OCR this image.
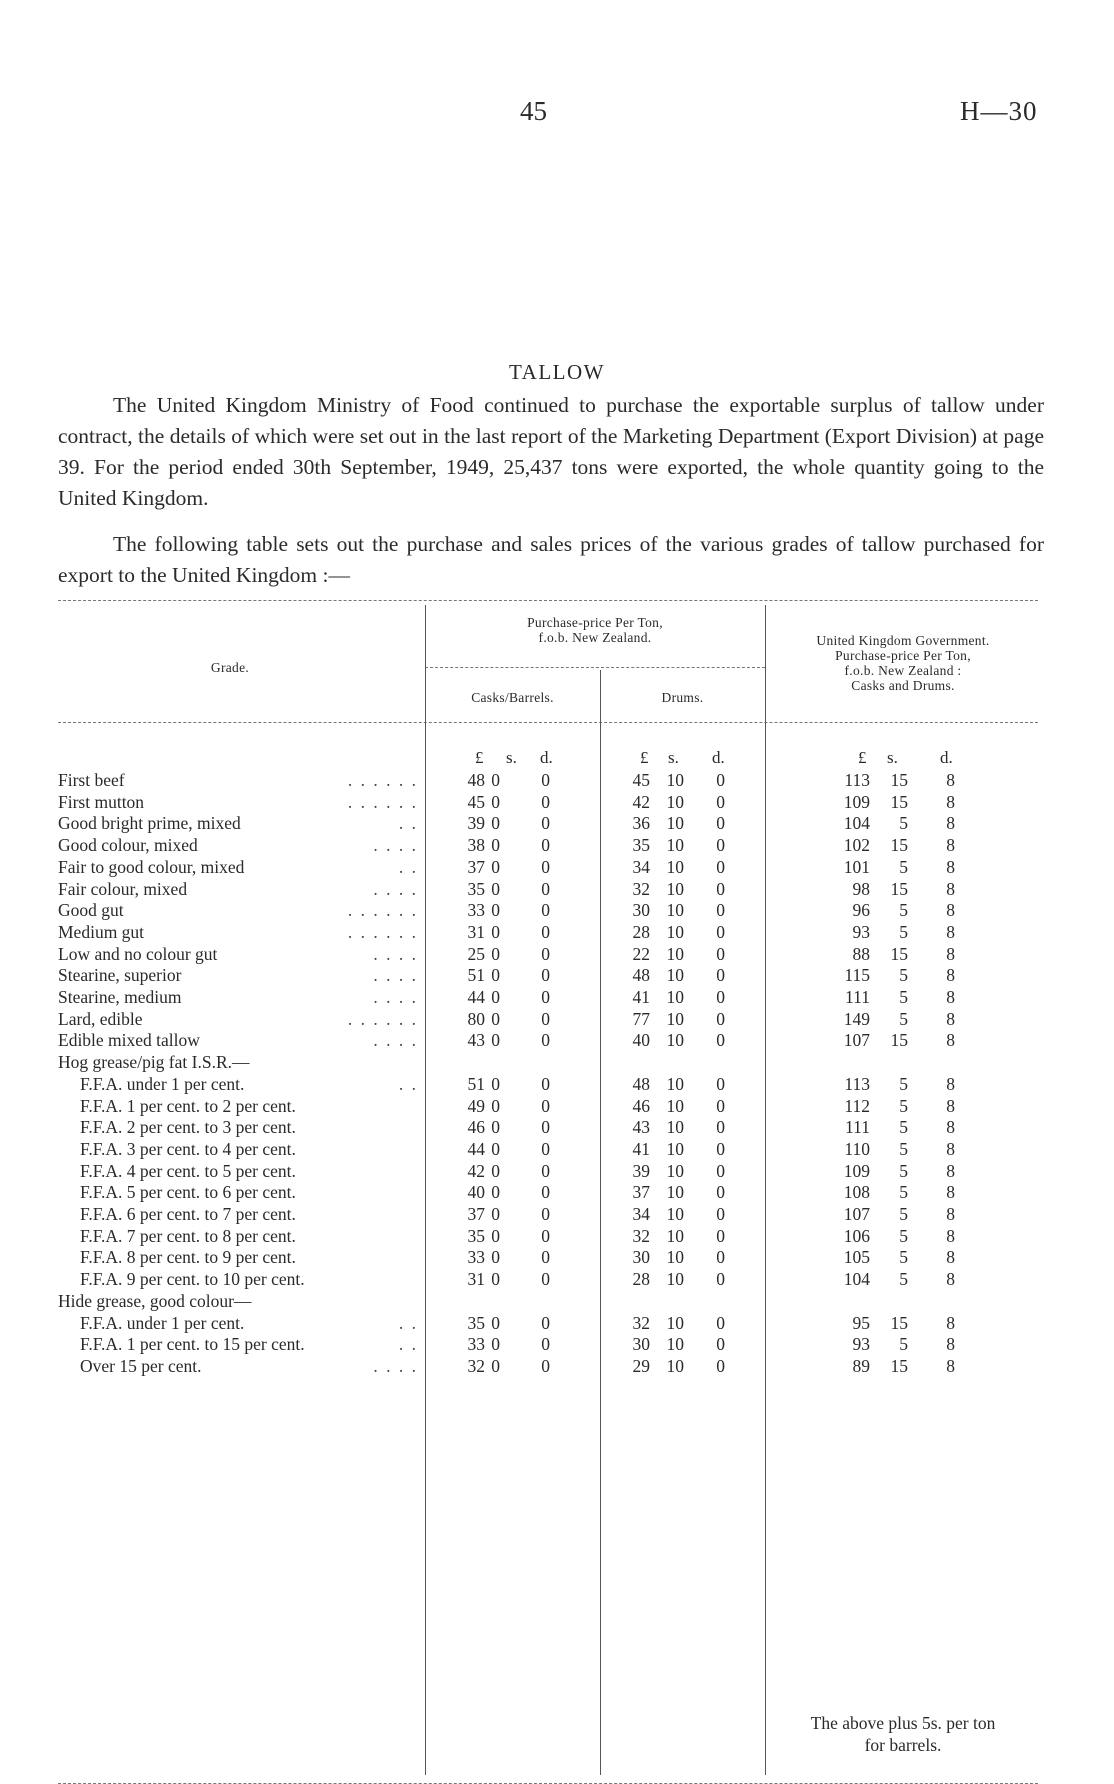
45	H—30
TALLOW

The United Kingdom Ministry of Food continued to purchase the exportable surplus of tallow under contract, the details of which were set out in the last report of the Marketing Department (Export Division) at page 39. For the period ended 30th September, 1949, 25,437 tons were exported, the whole quantity going to the United Kingdom.

The following table sets out the purchase and sales prices of the various grades of tallow purchased for export to the United Kingdom :—

Grade.
Purchase-price Per Ton,
f.o.b. New Zealand.
Casks/Barrels.	Drums.
United Kingdom Government.
Purchase-price Per Ton,
f.o.b. New Zealand :
Casks and Drums.
£ s. d.	£ s. d.	£ s. d.
First beef	. . . . . .	48 0	0	45 10	0	113	15	8
First mutton	. . . . . .	45 0	0	42 10	0	109	15	8
Good bright prime, mixed	. .	39 0	0	36 10	0	104	5	8
Good colour, mixed	. . . .	38 0	0	35 10	0	102	15	8
Fair to good colour, mixed	. .	37 0	0	34 10	0	101	5	8
Fair colour, mixed	. . . .	35 0	0	32 10	0	98	15	8
Good gut	. . . . . .	33 0	0	30 10	0	96	5	8
Medium gut	. . . . . .	31 0	0	28 10	0	93	5	8
Low and no colour gut	. . . .	25 0	0	22 10	0	88	15	8
Stearine, superior	. . . .	51 0	0	48 10	0	115	5	8
Stearine, medium	. . . .	44 0	0	41 10	0	111	5	8
Lard, edible	. . . . . .	80 0	0	77 10	0	149	5	8
Edible mixed tallow	. . . .	43 0	0	40 10	0	107	15	8
Hog grease/pig fat I.S.R.—
F.F.A. under 1 per cent.	. .	51 0	0	48 10	0	113	5	8
F.F.A. 1 per cent. to 2 per cent.	49 0	0	46 10	0	112	5	8
F.F.A. 2 per cent. to 3 per cent.	46 0	0	43 10	0	111	5	8
F.F.A. 3 per cent. to 4 per cent.	44 0	0	41 10	0	110	5	8
F.F.A. 4 per cent. to 5 per cent.	42 0	0	39 10	0	109	5	8
F.F.A. 5 per cent. to 6 per cent.	40 0	0	37 10	0	108	5	8
F.F.A. 6 per cent. to 7 per cent.	37 0	0	34 10	0	107	5	8
F.F.A. 7 per cent. to 8 per cent.	35 0	0	32 10	0	106	5	8
F.F.A. 8 per cent. to 9 per cent.	33 0	0	30 10	0	105	5	8
F.F.A. 9 per cent. to 10 per cent.	31 0	0	28 10	0	104	5	8
Hide grease, good colour—
F.F.A. under 1 per cent.	. .	35 0	0	32 10	0	95	15	8
F.F.A. 1 per cent. to 15 per cent.	. .	33 0	0	30 10	0	93	5	8
Over 15 per cent.	. . . .	32 0	0	29 10	0	89	15	8
The above plus 5s. per ton
for barrels.
